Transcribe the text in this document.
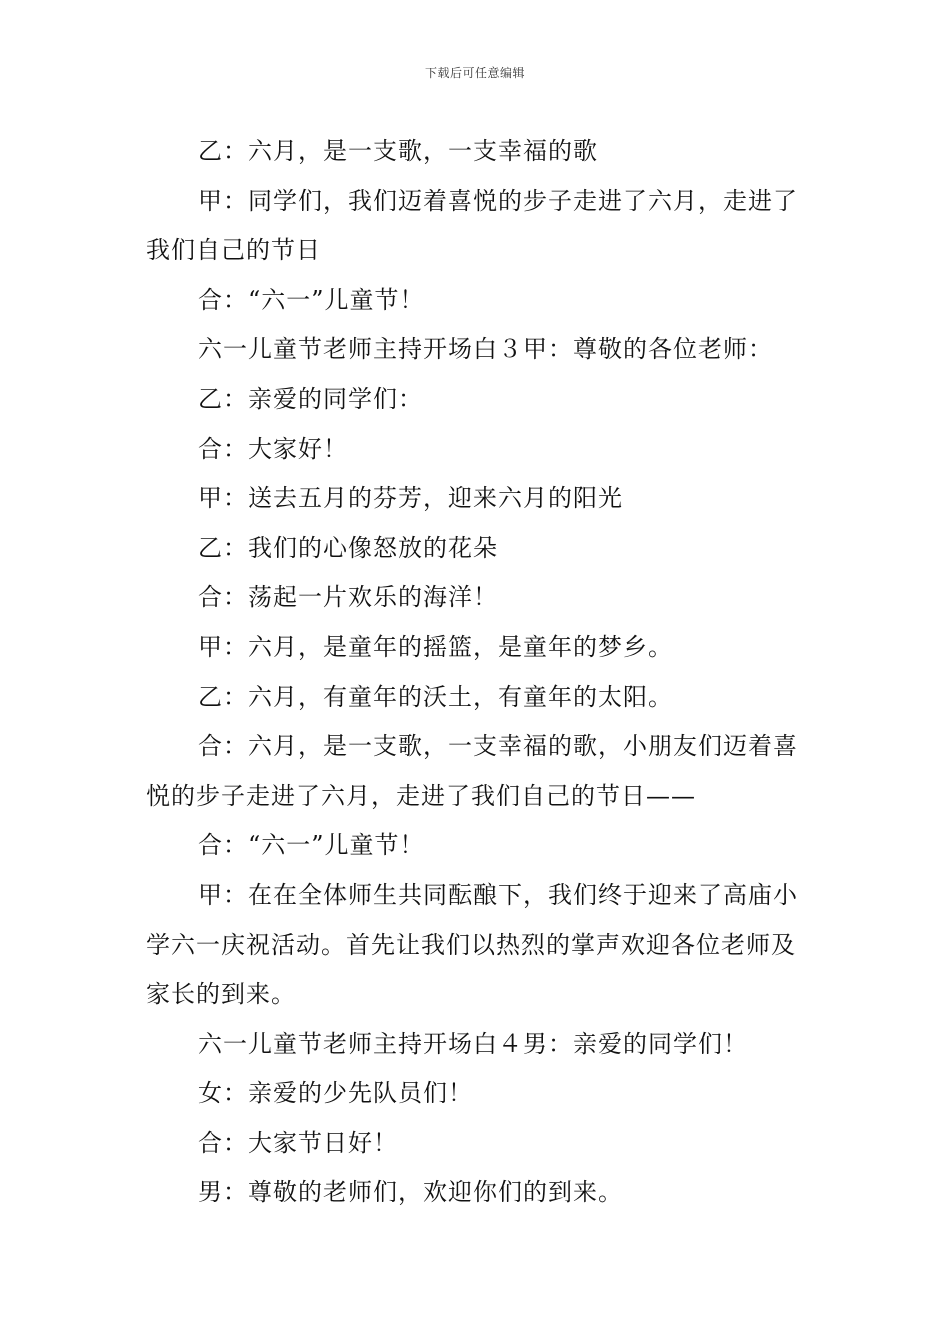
下载后可任意编辑

乙：六月，是一支歌，一支幸福的歌

甲：同学们，我们迈着喜悦的步子走进了六月，走进了我们自己的节日

合：“六一”儿童节！

六一儿童节老师主持开场白３甲：尊敬的各位老师：

乙：亲爱的同学们：

合：大家好！

甲：送去五月的芬芳，迎来六月的阳光

乙：我们的心像怒放的花朵

合：荡起一片欢乐的海洋！

甲：六月，是童年的摇篮，是童年的梦乡。

乙：六月，有童年的沃土，有童年的太阳。

合：六月，是一支歌，一支幸福的歌，小朋友们迈着喜悦的步子走进了六月，走进了我们自己的节日——

合：“六一”儿童节！

甲：在在全体师生共同酝酿下，我们终于迎来了高庙小学六一庆祝活动。首先让我们以热烈的掌声欢迎各位老师及家长的到来。

六一儿童节老师主持开场白４男：亲爱的同学们！

女：亲爱的少先队员们！

合：大家节日好！

男：尊敬的老师们，欢迎你们的到来。
